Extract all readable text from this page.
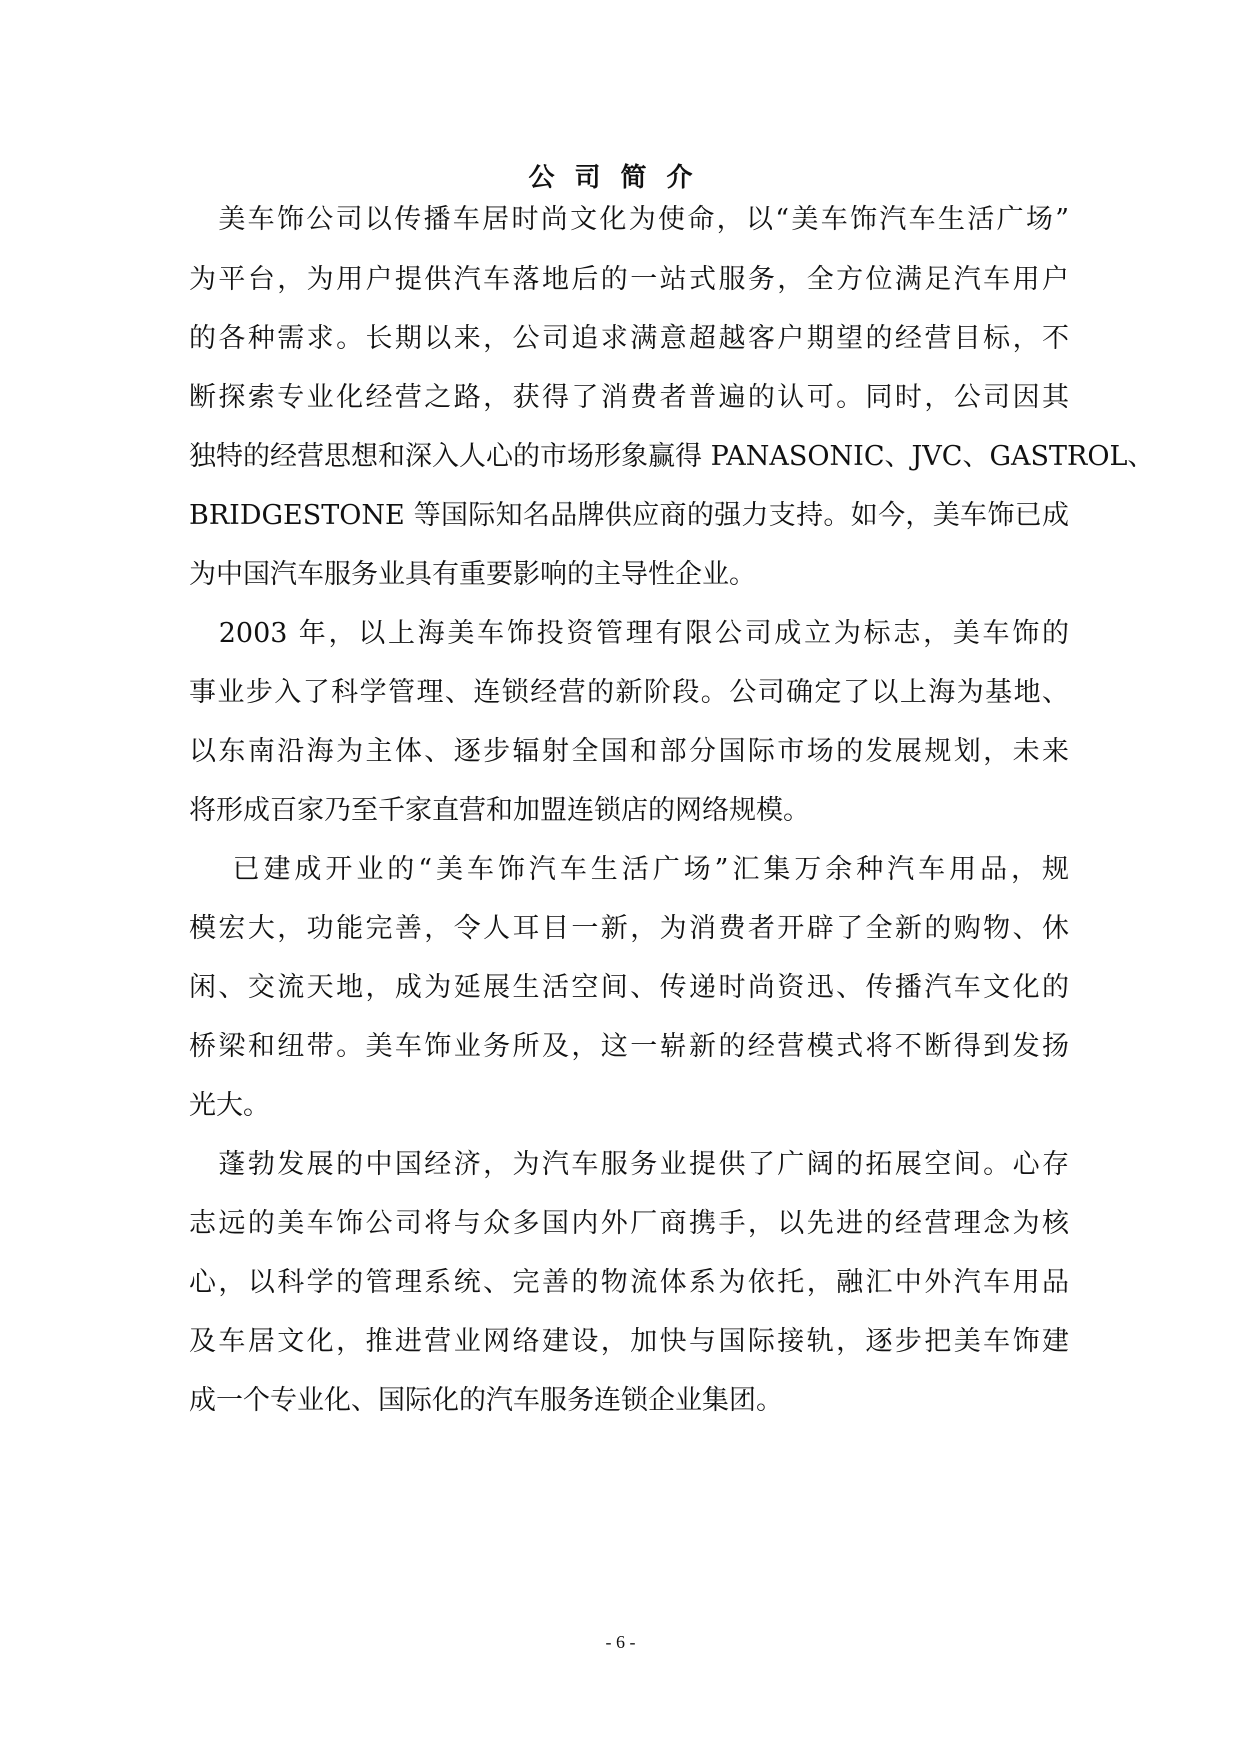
公司简介

　美车饰公司以传播车居时尚文化为使命，以“美车饰汽车生活广场”

为平台，为用户提供汽车落地后的一站式服务，全方位满足汽车用户

的各种需求。长期以来，公司追求满意超越客户期望的经营目标，不

断探索专业化经营之路，获得了消费者普遍的认可。同时，公司因其

独特的经营思想和深入人心的市场形象赢得 PANASONIC、JVC、GASTROL、

BRIDGESTONE 等国际知名品牌供应商的强力支持。如今，美车饰已成

为中国汽车服务业具有重要影响的主导性企业。

　2003 年，以上海美车饰投资管理有限公司成立为标志，美车饰的

事业步入了科学管理、连锁经营的新阶段。公司确定了以上海为基地、

以东南沿海为主体、逐步辐射全国和部分国际市场的发展规划，未来

将形成百家乃至千家直营和加盟连锁店的网络规模。

　 已建成开业的“美车饰汽车生活广场”汇集万余种汽车用品，规

模宏大，功能完善，令人耳目一新，为消费者开辟了全新的购物、休

闲、交流天地，成为延展生活空间、传递时尚资迅、传播汽车文化的

桥梁和纽带。美车饰业务所及，这一崭新的经营模式将不断得到发扬

光大。

　蓬勃发展的中国经济，为汽车服务业提供了广阔的拓展空间。心存

志远的美车饰公司将与众多国内外厂商携手，以先进的经营理念为核

心，以科学的管理系统、完善的物流体系为依托，融汇中外汽车用品

及车居文化，推进营业网络建设，加快与国际接轨，逐步把美车饰建

成一个专业化、国际化的汽车服务连锁企业集团。

- 6 -
